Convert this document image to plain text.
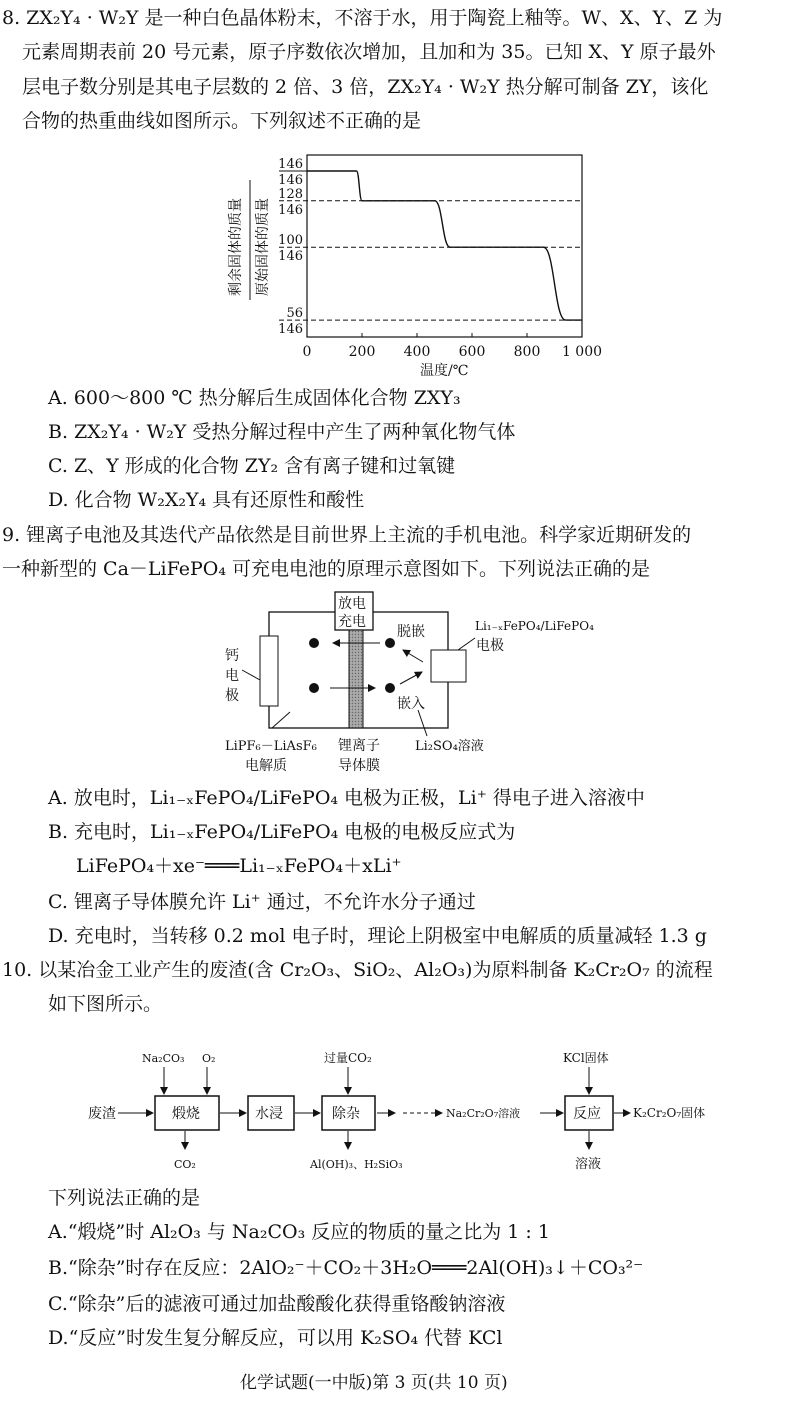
8. ZX₂Y₄ · W₂Y 是一种白色晶体粉末，不溶于水，用于陶瓷上釉等。W、X、Y、Z 为
元素周期表前 20 号元素，原子序数依次增加，且加和为 35。已知 X、Y 原子最外
层电子数分别是其电子层数的 2 倍、3 倍，ZX₂Y₄ · W₂Y 热分解可制备 ZY，该化
合物的热重曲线如图所示。下列叙述不正确的是
0	200 400 600 800 1 000
146
146
128
146
100
146
56
146
剩余固体的质量 原始固体的质量
温度/℃
A. 600～800 ℃ 热分解后生成固体化合物 ZXY₃
B. ZX₂Y₄ · W₂Y 受热分解过程中产生了两种氧化物气体
C. Z、Y 形成的化合物 ZY₂ 含有离子键和过氧键
D. 化合物 W₂X₂Y₄ 具有还原性和酸性
9. 锂离子电池及其迭代产品依然是目前世界上主流的手机电池。科学家近期研发的
一种新型的 Ca－LiFePO₄ 可充电电池的原理示意图如下。下列说法正确的是
放电
充电
脱嵌
嵌入
Li₁₋ₓFePO₄/LiFePO₄
电极
钙
电
极
LiPF₆－LiAsF₆
电解质
锂离子
导体膜
Li₂SO₄溶液
A. 放电时，Li₁₋ₓFePO₄/LiFePO₄ 电极为正极，Li⁺ 得电子进入溶液中
B. 充电时，Li₁₋ₓFePO₄/LiFePO₄ 电极的电极反应式为
LiFePO₄＋xe⁻═══Li₁₋ₓFePO₄＋xLi⁺
C. 锂离子导体膜允许 Li⁺ 通过，不允许水分子通过
D. 充电时，当转移 0.2 mol 电子时，理论上阴极室中电解质的质量减轻 1.3 g
10. 以某冶金工业产生的废渣(含 Cr₂O₃、SiO₂、Al₂O₃)为原料制备 K₂Cr₂O₇ 的流程
如下图所示。
废渣	煅烧
Na₂CO₃ O₂
CO₂
水浸	除杂
过量CO₂
Al(OH)₃、H₂SiO₃
Na₂Cr₂O₇溶液	反应
KCl固体
溶液
K₂Cr₂O₇固体
下列说法正确的是
A.“煅烧”时 Al₂O₃ 与 Na₂CO₃ 反应的物质的量之比为 1 : 1
B.“除杂”时存在反应：2AlO₂⁻＋CO₂＋3H₂O═══2Al(OH)₃↓＋CO₃²⁻
C.“除杂”后的滤液可通过加盐酸酸化获得重铬酸钠溶液
D.“反应”时发生复分解反应，可以用 K₂SO₄ 代替 KCl
化学试题(一中版)第 3 页(共 10 页)
